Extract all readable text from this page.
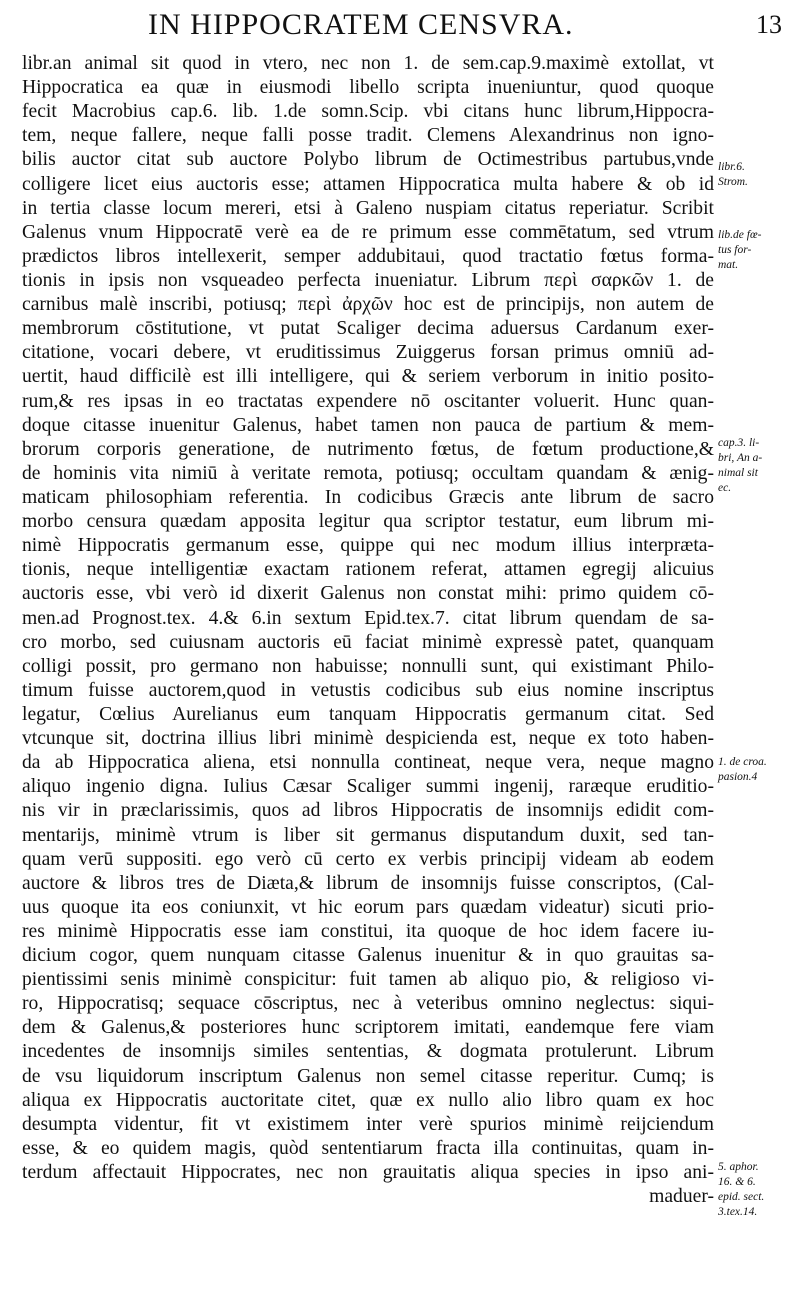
IN HIPPOCRATEM CENSVRA.	13
libr.an animal sit quod in vtero, nec non 1. de sem.cap.9.maximè extollat, vt
Hippocratica ea quæ in eiusmodi libello scripta inueniuntur, quod quoque
fecit Macrobius cap.6. lib. 1.de somn.Scip. vbi citans hunc librum,Hippocra-
tem, neque fallere, neque falli posse tradit. Clemens Alexandrinus non igno-
bilis auctor citat sub auctore Polybo librum de Octimestribus partubus,vnde
colligere licet eius auctoris esse; attamen Hippocratica multa habere & ob id
in tertia classe locum mereri, etsi à Galeno nuspiam citatus reperiatur. Scribit
Galenus vnum Hippocratē verè ea de re primum esse commētatum, sed vtrum
prædictos libros intellexerit, semper addubitaui, quod tractatio fœtus forma-
tionis in ipsis non vsqueadeo perfecta inueniatur. Librum περὶ σαρκῶν 1. de
carnibus malè inscribi, potiusq; περὶ ἀρχῶν hoc est de principijs, non autem de
membrorum cōstitutione, vt putat Scaliger decima aduersus Cardanum exer-
citatione, vocari debere, vt eruditissimus Zuiggerus forsan primus omniū ad-
uertit, haud difficilè est illi intelligere, qui & seriem verborum in initio posito-
rum,& res ipsas in eo tractatas expendere nō oscitanter voluerit. Hunc quan-
doque citasse inuenitur Galenus, habet tamen non pauca de partium & mem-
brorum corporis generatione, de nutrimento fœtus, de fœtum productione,&
de hominis vita nimiū à veritate remota, potiusq; occultam quandam & ænig-
maticam philosophiam referentia. In codicibus Græcis ante librum de sacro
morbo censura quædam apposita legitur qua scriptor testatur, eum librum mi-
nimè Hippocratis germanum esse, quippe qui nec modum illius interpræta-
tionis, neque intelligentiæ exactam rationem referat, attamen egregij alicuius
auctoris esse, vbi verò id dixerit Galenus non constat mihi: primo quidem cō-
men.ad Prognost.tex. 4.& 6.in sextum Epid.tex.7. citat librum quendam de sa-
cro morbo, sed cuiusnam auctoris eū faciat minimè expressè patet, quanquam
colligi possit, pro germano non habuisse; nonnulli sunt, qui existimant Philo-
timum fuisse auctorem,quod in vetustis codicibus sub eius nomine inscriptus
legatur, Cœlius Aurelianus eum tanquam Hippocratis germanum citat. Sed
vtcunque sit, doctrina illius libri minimè despicienda est, neque ex toto haben-
da ab Hippocratica aliena, etsi nonnulla contineat, neque vera, neque magno
aliquo ingenio digna. Iulius Cæsar Scaliger summi ingenij, raræque eruditio-
nis vir in præclarissimis, quos ad libros Hippocratis de insomnijs edidit com-
mentarijs, minimè vtrum is liber sit germanus disputandum duxit, sed tan-
quam verū suppositi. ego verò cū certo ex verbis principij videam ab eodem
auctore & libros tres de Diæta,& librum de insomnijs fuisse conscriptos, (Cal-
uus quoque ita eos coniunxit, vt hic eorum pars quædam videatur) sicuti prio-
res minimè Hippocratis esse iam constitui, ita quoque de hoc idem facere iu-
dicium cogor, quem nunquam citasse Galenus inuenitur & in quo grauitas sa-
pientissimi senis minimè conspicitur: fuit tamen ab aliquo pio, & religioso vi-
ro, Hippocratisq; sequace cōscriptus, nec à veteribus omnino neglectus: siqui-
dem & Galenus,& posteriores hunc scriptorem imitati, eandemque fere viam
incedentes de insomnijs similes sententias, & dogmata protulerunt. Librum
de vsu liquidorum inscriptum Galenus non semel citasse reperitur. Cumq; is
aliqua ex Hippocratis auctoritate citet, quæ ex nullo alio libro quam ex hoc
desumpta videntur, fit vt existimem inter verè spurios minimè reijciendum
esse, & eo quidem magis, quòd sententiarum fracta illa continuitas, quam in-
terdum affectauit Hippocrates, nec non grauitatis aliqua species in ipso ani-
maduer-
libr.6.
Strom.
lib.de fœ-
tus for-
mat.
cap.3. li-
bri, An a-
nimal sit
ec.
1. de croa.
pasion.4
5. aphor.
16. & 6.
epid. sect.
3.tex.14.
